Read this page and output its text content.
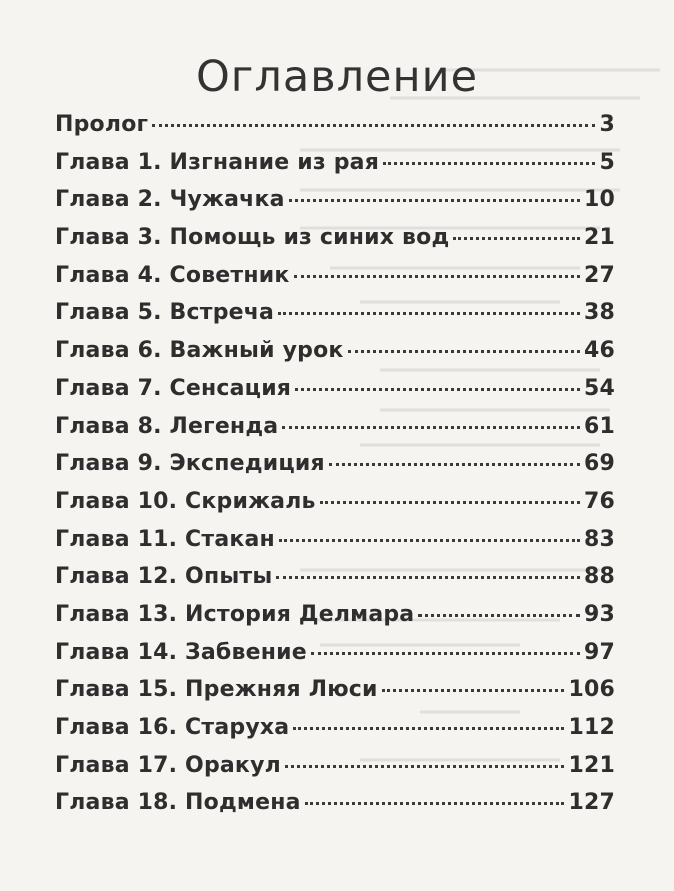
Оглавление
Пролог	3
Глава 1. Изгнание из рая	5
Глава 2. Чужачка	10
Глава 3. Помощь из синих вод	21
Глава 4. Советник	27
Глава 5. Встреча	38
Глава 6. Важный урок	46
Глава 7. Сенсация	54
Глава 8. Легенда	61
Глава 9. Экспедиция	69
Глава 10. Скрижаль	76
Глава 11. Стакан	83
Глава 12. Опыты	88
Глава 13. История Делмара	93
Глава 14. Забвение	97
Глава 15. Прежняя Люси	106
Глава 16. Старуха	112
Глава 17. Оракул	121
Глава 18. Подмена	127
